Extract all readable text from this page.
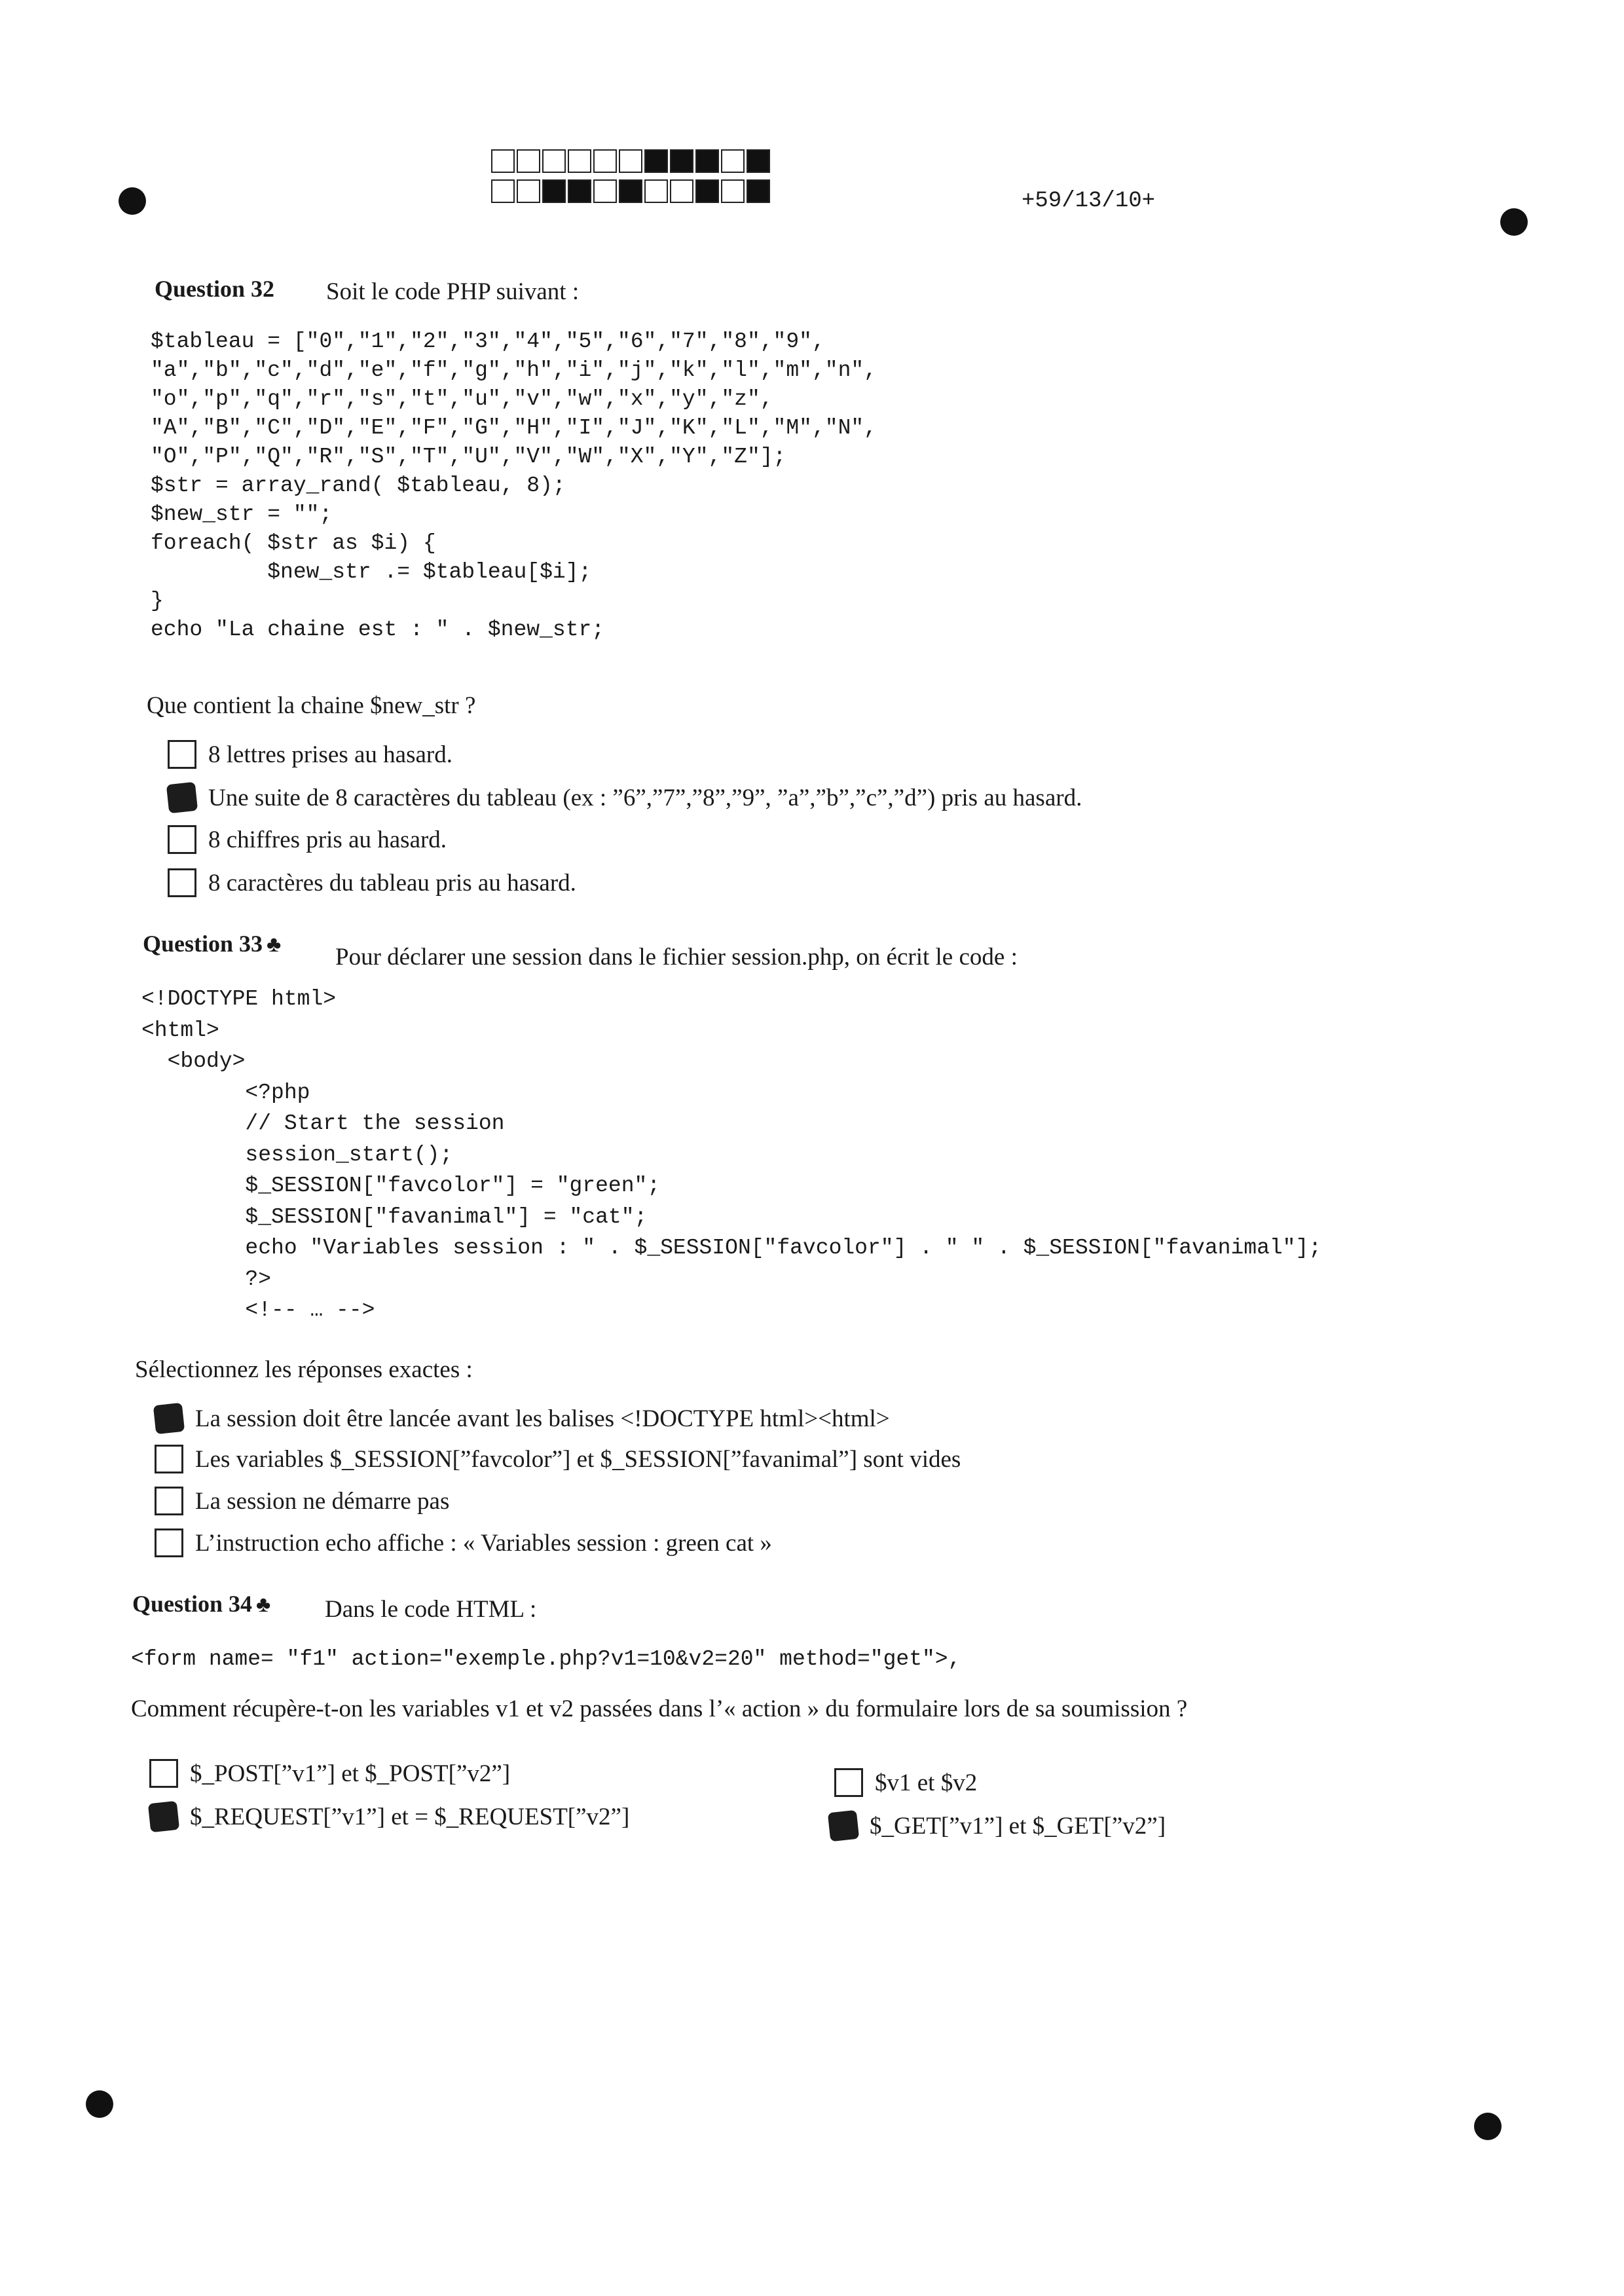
+59/13/10+
Question 32 Soit le code PHP suivant :
$tableau = ["0","1","2","3","4","5","6","7","8","9",
"a","b","c","d","e","f","g","h","i","j","k","l","m","n",
"o","p","q","r","s","t","u","v","w","x","y","z",
"A","B","C","D","E","F","G","H","I","J","K","L","M","N",
"O","P","Q","R","S","T","U","V","W","X","Y","Z"];
$str = array_rand( $tableau, 8);
$new_str = "";
foreach( $str as $i) {
$new_str .= $tableau[$i];
}
echo "La chaine est : " . $new_str;
Que contient la chaine $new_str ?
8 lettres prises au hasard.
Une suite de 8 caractères du tableau (ex : ”6”,”7”,”8”,”9”, ”a”,”b”,”c”,”d”) pris au hasard.
8 chiffres pris au hasard.
8 caractères du tableau pris au hasard.
Question 33 ♣ Pour déclarer une session dans le fichier session.php, on écrit le code :
<!DOCTYPE html>
<html>
<body>
<?php
// Start the session
session_start();
$_SESSION["favcolor"] = "green";
$_SESSION["favanimal"] = "cat";
echo "Variables session : " . $_SESSION["favcolor"] . " " . $_SESSION["favanimal"];
?>
<!-- … -->
Sélectionnez les réponses exactes :
La session doit être lancée avant les balises <!DOCTYPE html><html>
Les variables $_SESSION[”favcolor”] et $_SESSION[”favanimal”] sont vides
La session ne démarre pas
L’instruction echo affiche : « Variables session : green cat »
Question 34 ♣ Dans le code HTML :
<form name= "f1" action="exemple.php?v1=10&v2=20" method="get">,
Comment récupère-t-on les variables v1 et v2 passées dans l’« action » du formulaire lors de sa soumission ?
$_POST[”v1”] et $_POST[”v2”]
$_REQUEST[”v1”] et = $_REQUEST[”v2”]
$v1 et $v2
$_GET[”v1”] et $_GET[”v2”]
